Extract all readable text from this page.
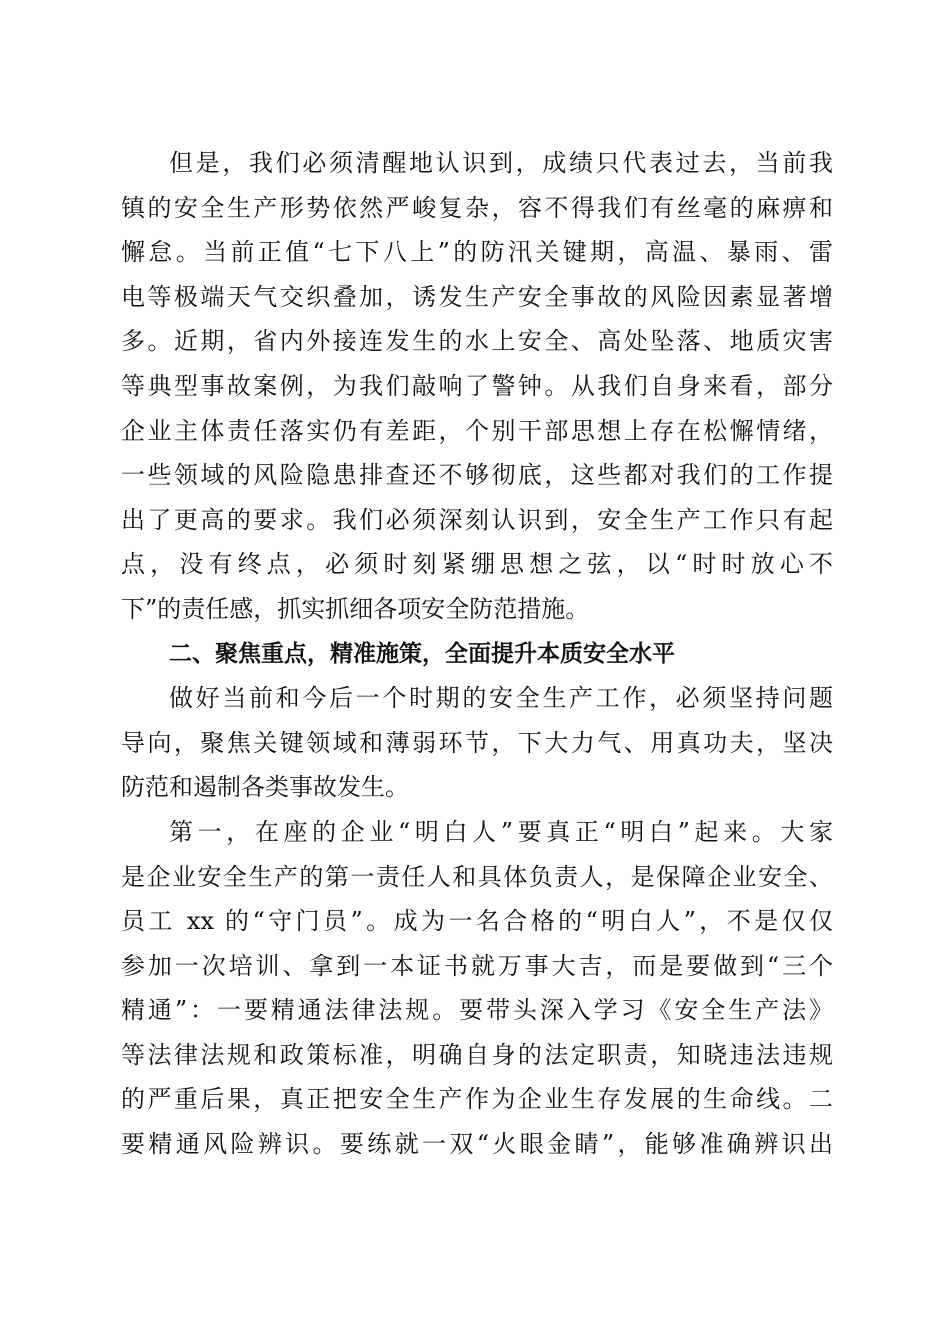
但是，我们必须清醒地认识到，成绩只代表过去，当前我
镇的安全生产形势依然严峻复杂，容不得我们有丝毫的麻痹和
懈怠。当前正值“七下八上”的防汛关键期，高温、暴雨、雷
电等极端天气交织叠加，诱发生产安全事故的风险因素显著增
多。近期，省内外接连发生的水上安全、高处坠落、地质灾害
等典型事故案例，为我们敲响了警钟。从我们自身来看，部分
企业主体责任落实仍有差距，个别干部思想上存在松懈情绪，
一些领域的风险隐患排查还不够彻底，这些都对我们的工作提
出了更高的要求。我们必须深刻认识到，安全生产工作只有起
点，没有终点，必须时刻紧绷思想之弦，以“时时放心不
下”的责任感，抓实抓细各项安全防范措施。
二、聚焦重点，精准施策，全面提升本质安全水平
做好当前和今后一个时期的安全生产工作，必须坚持问题
导向，聚焦关键领域和薄弱环节，下大力气、用真功夫，坚决
防范和遏制各类事故发生。
第一，在座的企业“明白人”要真正“明白”起来。大家
是企业安全生产的第一责任人和具体负责人，是保障企业安全、
员工 xx 的“守门员”。成为一名合格的“明白人”，不是仅仅
参加一次培训、拿到一本证书就万事大吉，而是要做到“三个
精通”：一要精通法律法规。要带头深入学习《安全生产法》
等法律法规和政策标准，明确自身的法定职责，知晓违法违规
的严重后果，真正把安全生产作为企业生存发展的生命线。二
要精通风险辨识。要练就一双“火眼金睛”，能够准确辨识出
